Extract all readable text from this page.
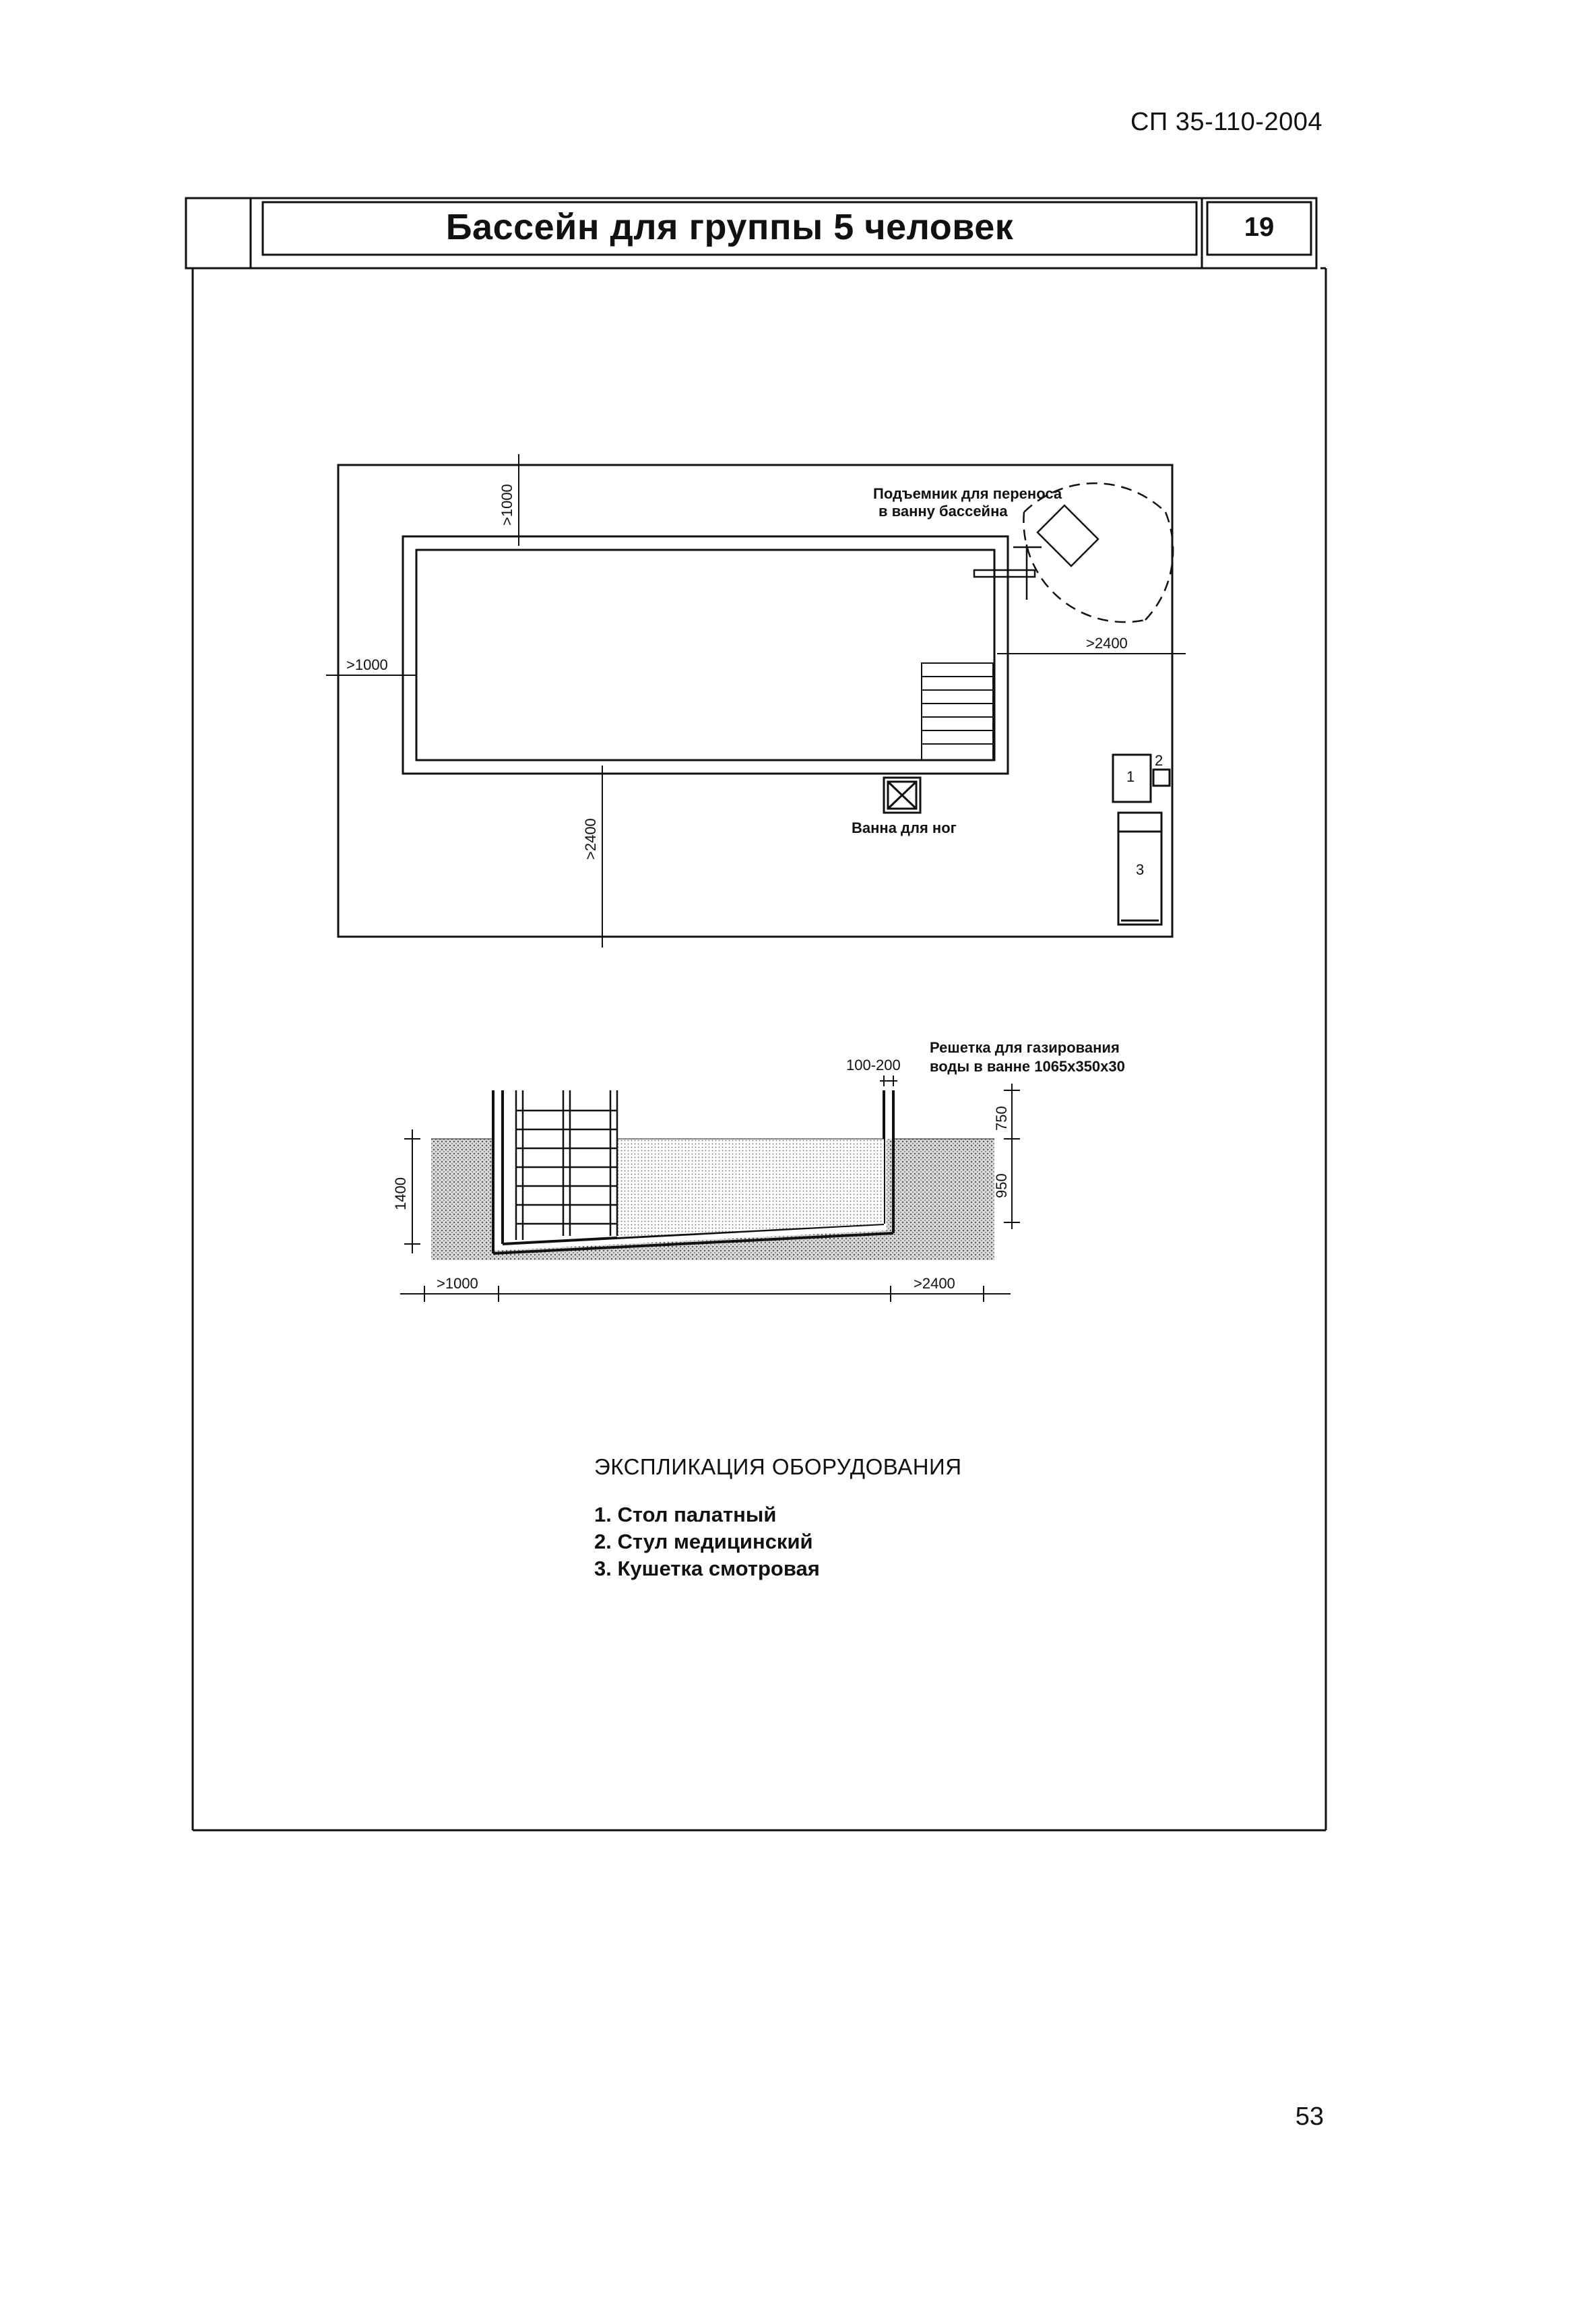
СП 35-110-2004
Бассейн для группы 5 человек	19
>1000
>1000
>2400
>2400
Подъемник для переноса
в ванну бассейна
Ванна для ног
1
2
3
Решетка для газирования
воды в ванне 1065x350x30
100-200
750
950
1400
>1000	>2400
ЭКСПЛИКАЦИЯ ОБОРУДОВАНИЯ
1. Стол палатный
2. Стул медицинский
3. Кушетка смотровая
53
